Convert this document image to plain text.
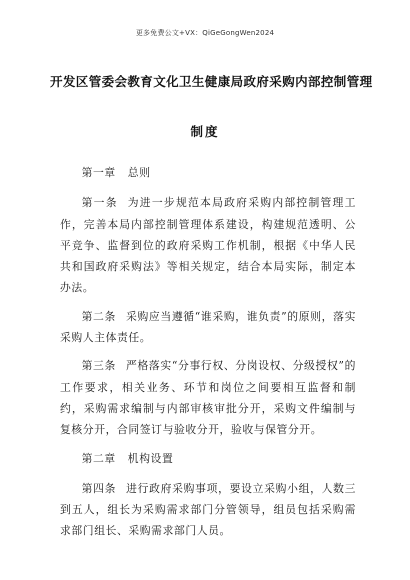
更多免费公文+VX：QiGeGongWen2024
开发区管委会教育文化卫生健康局政府采购内部控制管理
制度
第一章 总则

第一条 为进一步规范本局政府采购内部控制管理工作，完善本局内部控制管理体系建设，构建规范透明、公平竞争、监督到位的政府采购工作机制，根据《中华人民共和国政府采购法》等相关规定，结合本局实际，制定本办法。

第二条 采购应当遵循“谁采购，谁负责”的原则，落实采购人主体责任。

第三条 严格落实“分事行权、分岗设权、分级授权”的工作要求，相关业务、环节和岗位之间要相互监督和制约，采购需求编制与内部审核审批分开，采购文件编制与复核分开，合同签订与验收分开，验收与保管分开。

第二章 机构设置

第四条 进行政府采购事项，要设立采购小组，人数三到五人，组长为采购需求部门分管领导，组员包括采购需求部门组长、采购需求部门人员。
